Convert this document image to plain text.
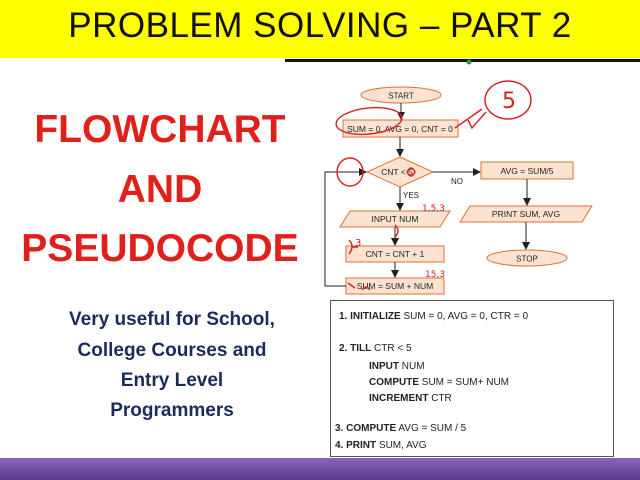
PROBLEM SOLVING – PART 2
FLOWCHART
AND
PSEUDOCODE
Very useful for School,
College Courses and
Entry Level
Programmers
START
SUM = 0, AVG = 0, CNT = 0
CNT < 5
NO
YES
INPUT NUM
CNT = CNT + 1
SUM = SUM + NUM
AVG = SUM/5
PRINT SUM, AVG
STOP
5
1,5,3
3
15,3
1. INITIALIZE SUM = 0, AVG = 0, CTR = 0
2. TILL CTR < 5
INPUT NUM
COMPUTE SUM = SUM+ NUM
INCREMENT CTR
3. COMPUTE AVG = SUM / 5
4. PRINT SUM, AVG
